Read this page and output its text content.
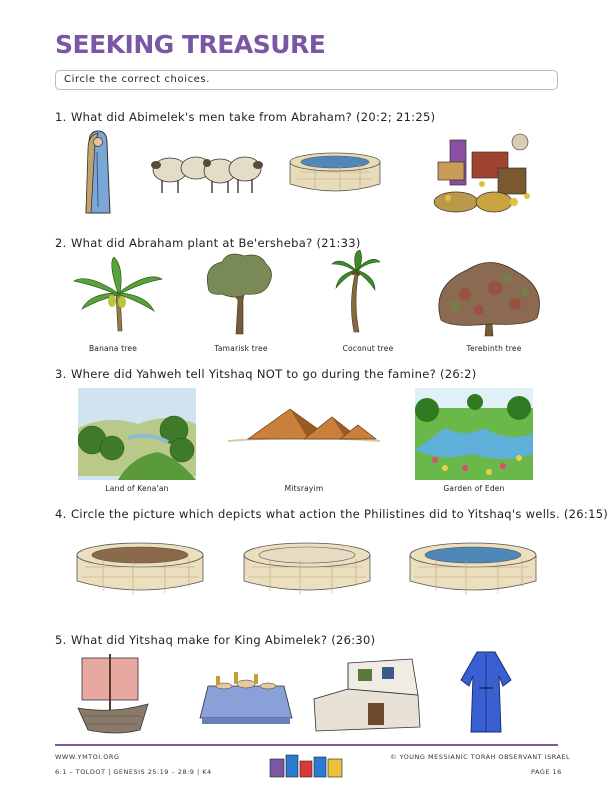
SEEKING TREASURE
Circle the correct choices.
1. What did Abimelek's men take from Abraham? (20:2; 21:25)
2. What did Abraham plant at Be'ersheba? (21:33)
Banana tree	Tamarisk tree	Coconut tree	Terebinth tree
3. Where did Yahweh tell Yitshaq NOT to go during the famine? (26:2)
Land of Kena'an	Mitsrayim	Garden of Eden
4. Circle the picture which depicts what action the Philistines did to Yitshaq's wells. (26:15)
5. What did Yitshaq make for King Abimelek? (26:30)
WWW.YMTOI.ORG
6.1 – TOLDOT | GENESIS 25:19 – 28:9 | K4
© YOUNG MESSIANIC TORAH OBSERVANT ISRAEL
PAGE 16
